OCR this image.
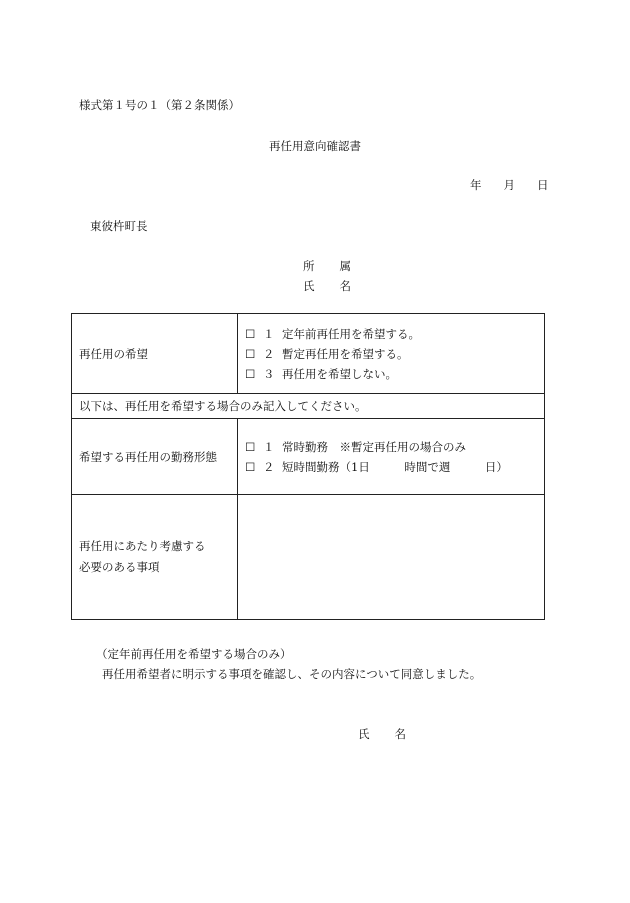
様式第１号の１（第２条関係）
再任用意向確認書
年 月 日
東彼杵町長
所 属
氏 名
再任用の希望	☐ １ 定年前再任用を希望する。
☐ ２ 暫定再任用を希望する。
☐ ３ 再任用を希望しない。

以下は、再任用を希望する場合のみ記入してください。	
希望する再任用の勤務形態	☐ １ 常時勤務　※暫定再任用の場合のみ
☐ ２ 短時間勤務（1日　　　時間で週　　　日）

再任用にあたり考慮する
必要のある事項	

（定年前再任用を希望する場合のみ）
再任用希望者に明示する事項を確認し、その内容について同意しました。
氏 名
